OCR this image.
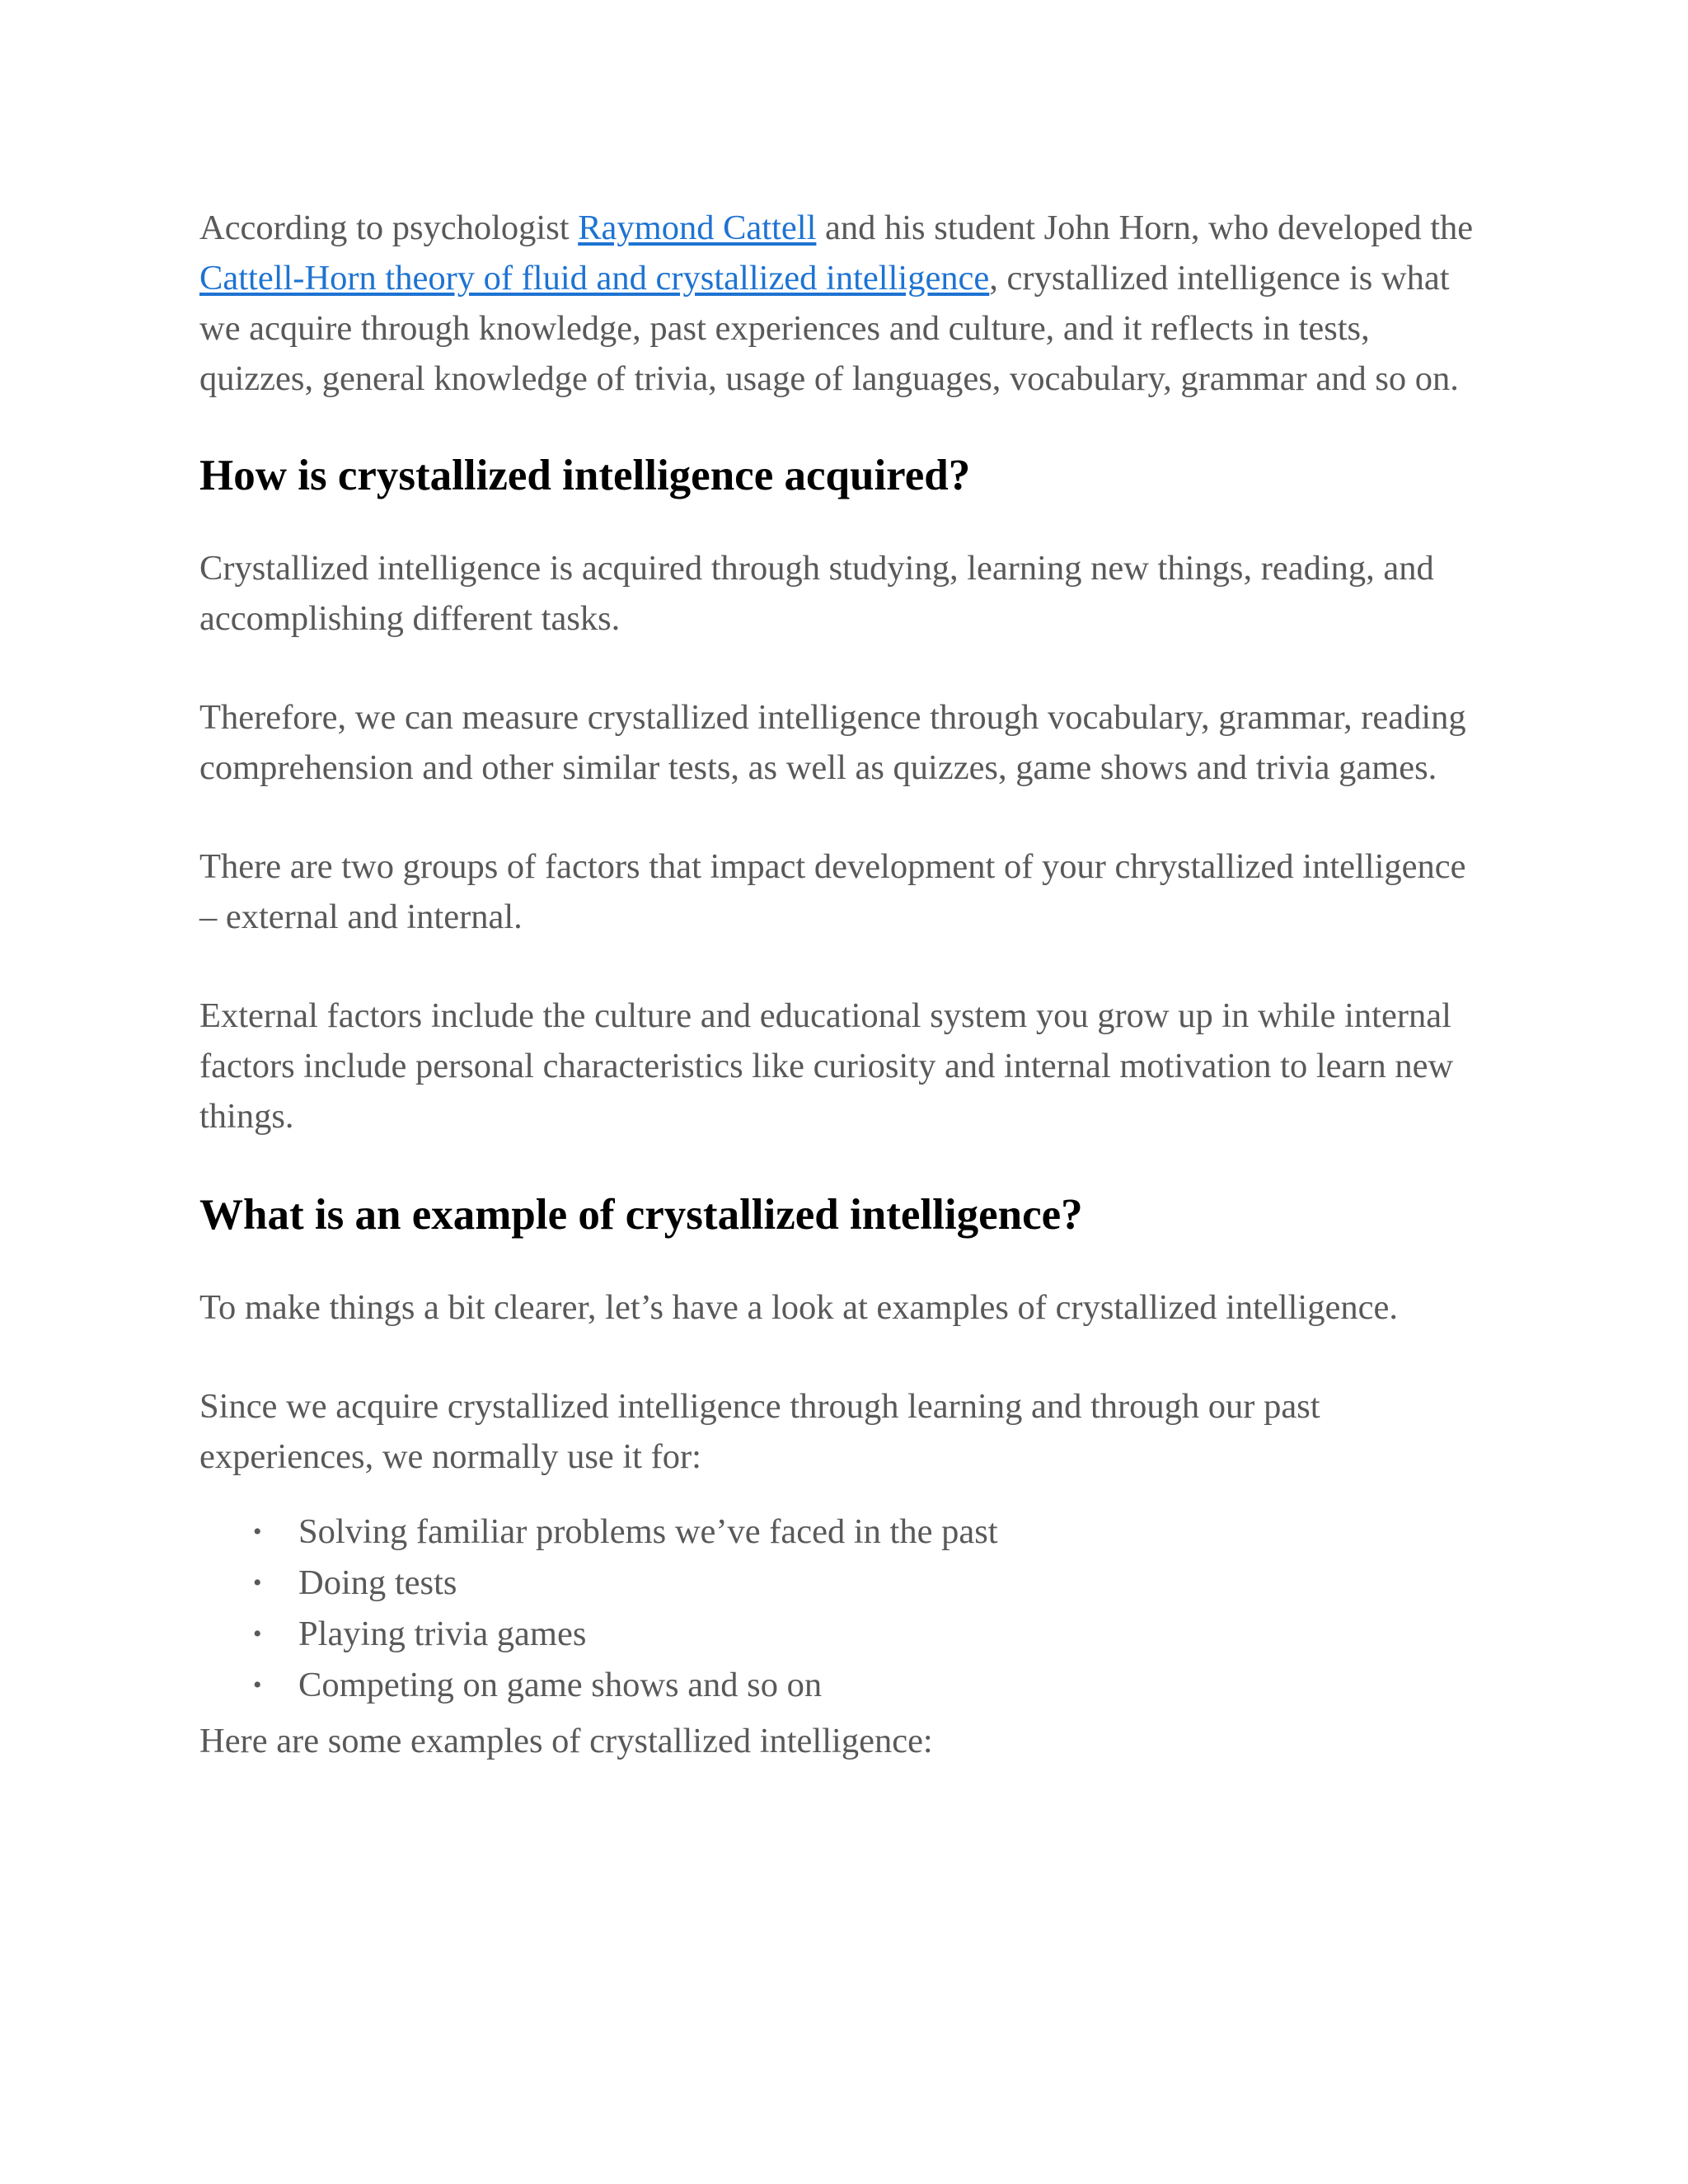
According to psychologist Raymond Cattell and his student John Horn, who developed the Cattell-Horn theory of fluid and crystallized intelligence, crystallized intelligence is what we acquire through knowledge, past experiences and culture, and it reflects in tests, quizzes, general knowledge of trivia, usage of languages, vocabulary, grammar and so on.

How is crystallized intelligence acquired?

Crystallized intelligence is acquired through studying, learning new things, reading, and accomplishing different tasks.

Therefore, we can measure crystallized intelligence through vocabulary, grammar, reading comprehension and other similar tests, as well as quizzes, game shows and trivia games.

There are two groups of factors that impact development of your chrystallized intelligence – external and internal.

External factors include the culture and educational system you grow up in while internal factors include personal characteristics like curiosity and internal motivation to learn new things.

What is an example of crystallized intelligence?

To make things a bit clearer, let’s have a look at examples of crystallized intelligence.

Since we acquire crystallized intelligence through learning and through our past experiences, we normally use it for:

• Solving familiar problems we’ve faced in the past
• Doing tests
• Playing trivia games
• Competing on game shows and so on

Here are some examples of crystallized intelligence:
